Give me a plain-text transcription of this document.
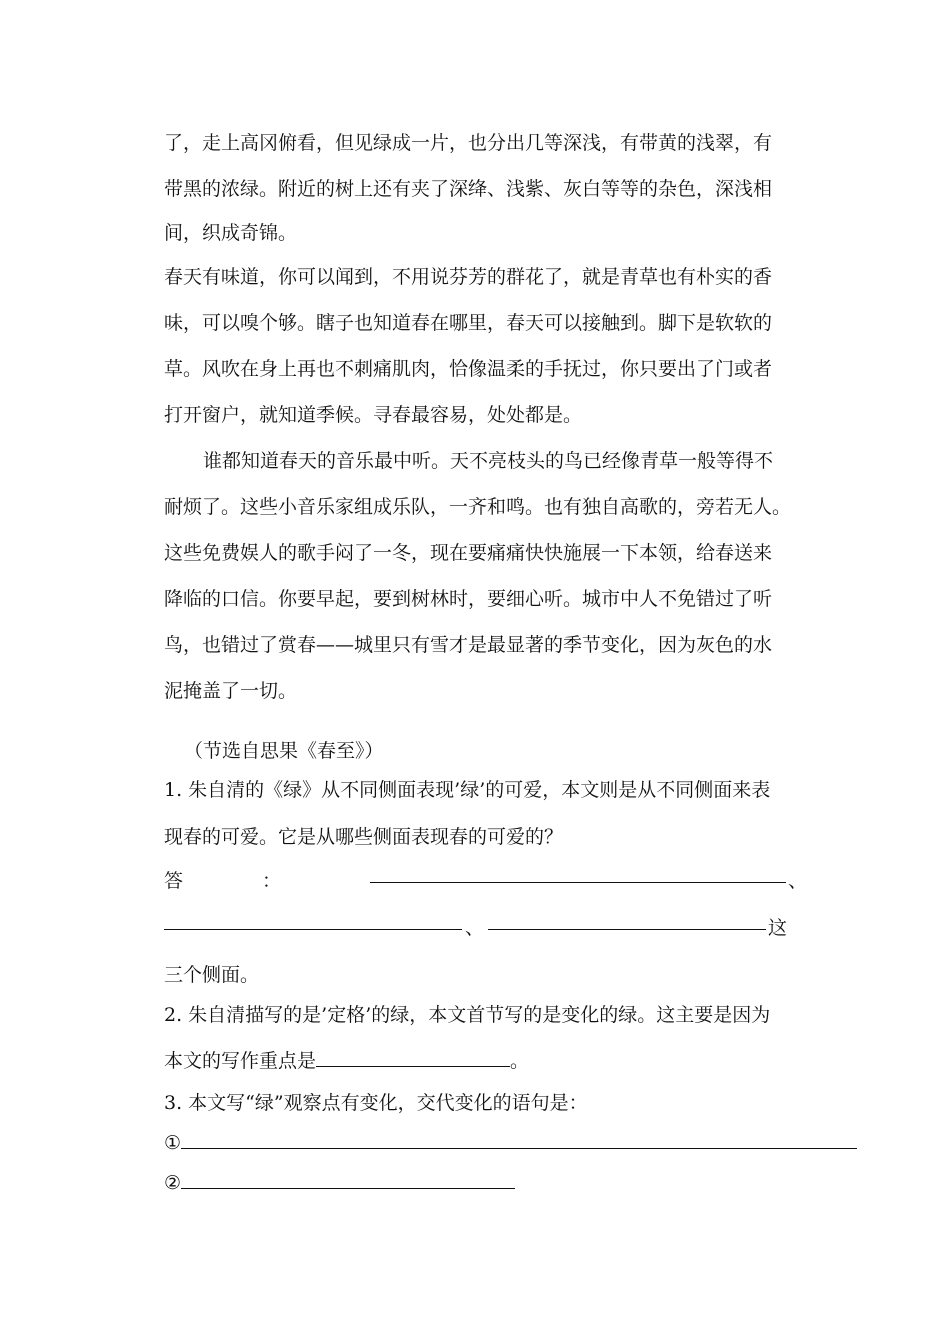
了，走上高冈俯看，但见绿成一片，也分出几等深浅，有带黄的浅翠，有
带黑的浓绿。附近的树上还有夹了深绛、浅紫、灰白等等的杂色，深浅相
间，织成奇锦。
春天有味道，你可以闻到，不用说芬芳的群花了，就是青草也有朴实的香
味，可以嗅个够。瞎子也知道春在哪里，春天可以接触到。脚下是软软的
草。风吹在身上再也不刺痛肌肉，恰像温柔的手抚过，你只要出了门或者
打开窗户，就知道季候。寻春最容易，处处都是。
谁都知道春天的音乐最中听。天不亮枝头的鸟已经像青草一般等得不
耐烦了。这些小音乐家组成乐队，一齐和鸣。也有独自高歌的，旁若无人。
这些免费娱人的歌手闷了一冬，现在要痛痛快快施展一下本领，给春送来
降临的口信。你要早起，要到树林时，要细心听。城市中人不免错过了听
鸟，也错过了赏春——城里只有雪才是最显著的季节变化，因为灰色的水
泥掩盖了一切。
（节选自思果《春至》）
1. 朱自清的《绿》从不同侧面表现’绿’的可爱，本文则是从不同侧面来表
现春的可爱。它是从哪些侧面表现春的可爱的？
答	：	、
、	这
三个侧面。
2. 朱自清描写的是’定格’的绿，本文首节写的是变化的绿。这主要是因为
本文的写作重点是	。
3. 本文写“绿”观察点有变化，交代变化的语句是：
①
②
